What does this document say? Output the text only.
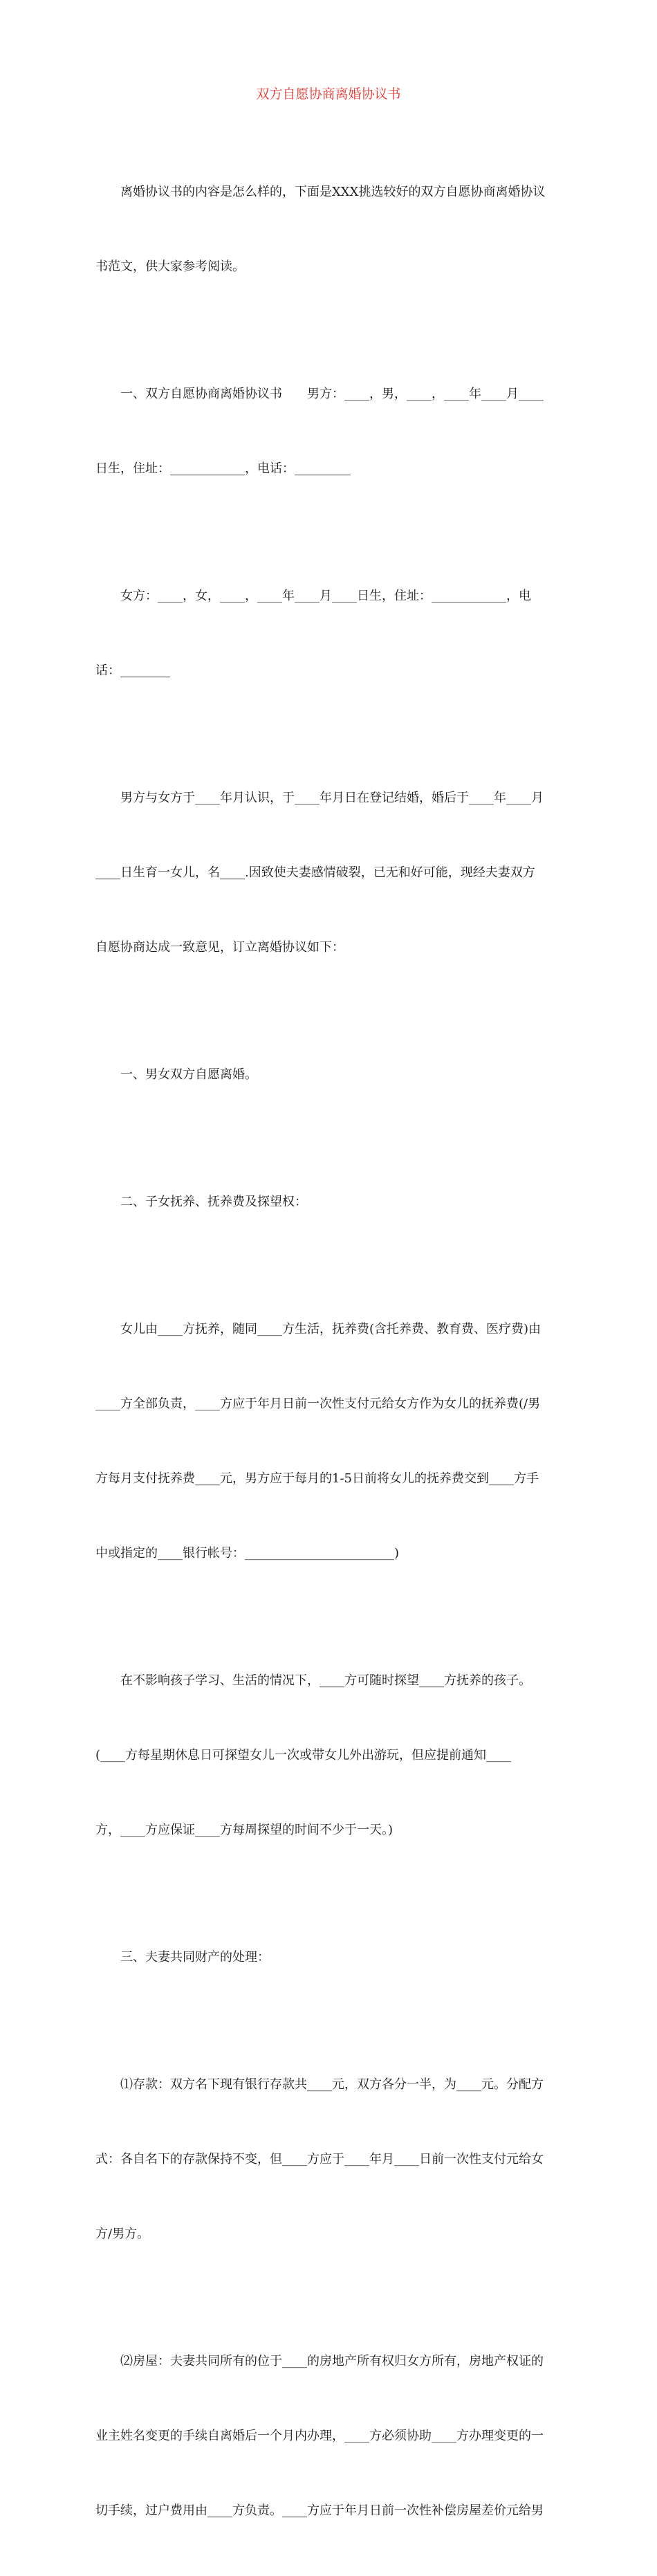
双方自愿协商离婚协议书

　　离婚协议书的内容是怎么样的，下面是XXX挑选较好的双方自愿协商离婚协议

书范文，供大家参考阅读。

　　一、双方自愿协商离婚协议书　　男方：____，男，____，____年____月____

日生，住址：____________，电话：_________

　　女方：____，女，____，____年____月____日生，住址：____________，电

话：________

　　男方与女方于____年月认识，于____年月日在登记结婚，婚后于____年____月

____日生育一女儿，名____.因致使夫妻感情破裂，已无和好可能，现经夫妻双方

自愿协商达成一致意见，订立离婚协议如下：

　　一、男女双方自愿离婚。

　　二、子女抚养、抚养费及探望权：

　　女儿由____方抚养，随同____方生活，抚养费(含托养费、教育费、医疗费)由

____方全部负责，____方应于年月日前一次性支付元给女方作为女儿的抚养费(/男

方每月支付抚养费____元，男方应于每月的1-5日前将女儿的抚养费交到____方手

中或指定的____银行帐号：________________________)

　　在不影响孩子学习、生活的情况下，____方可随时探望____方抚养的孩子。

(____方每星期休息日可探望女儿一次或带女儿外出游玩，但应提前通知____

方，____方应保证____方每周探望的时间不少于一天。)

　　三、夫妻共同财产的处理：

　　⑴存款：双方名下现有银行存款共____元，双方各分一半，为____元。分配方

式：各自名下的存款保持不变，但____方应于____年月____日前一次性支付元给女

方/男方。

　　⑵房屋：夫妻共同所有的位于____的房地产所有权归女方所有，房地产权证的

业主姓名变更的手续自离婚后一个月内办理，____方必须协助____方办理变更的一

切手续，过户费用由____方负责。____方应于年月日前一次性补偿房屋差价元给男
